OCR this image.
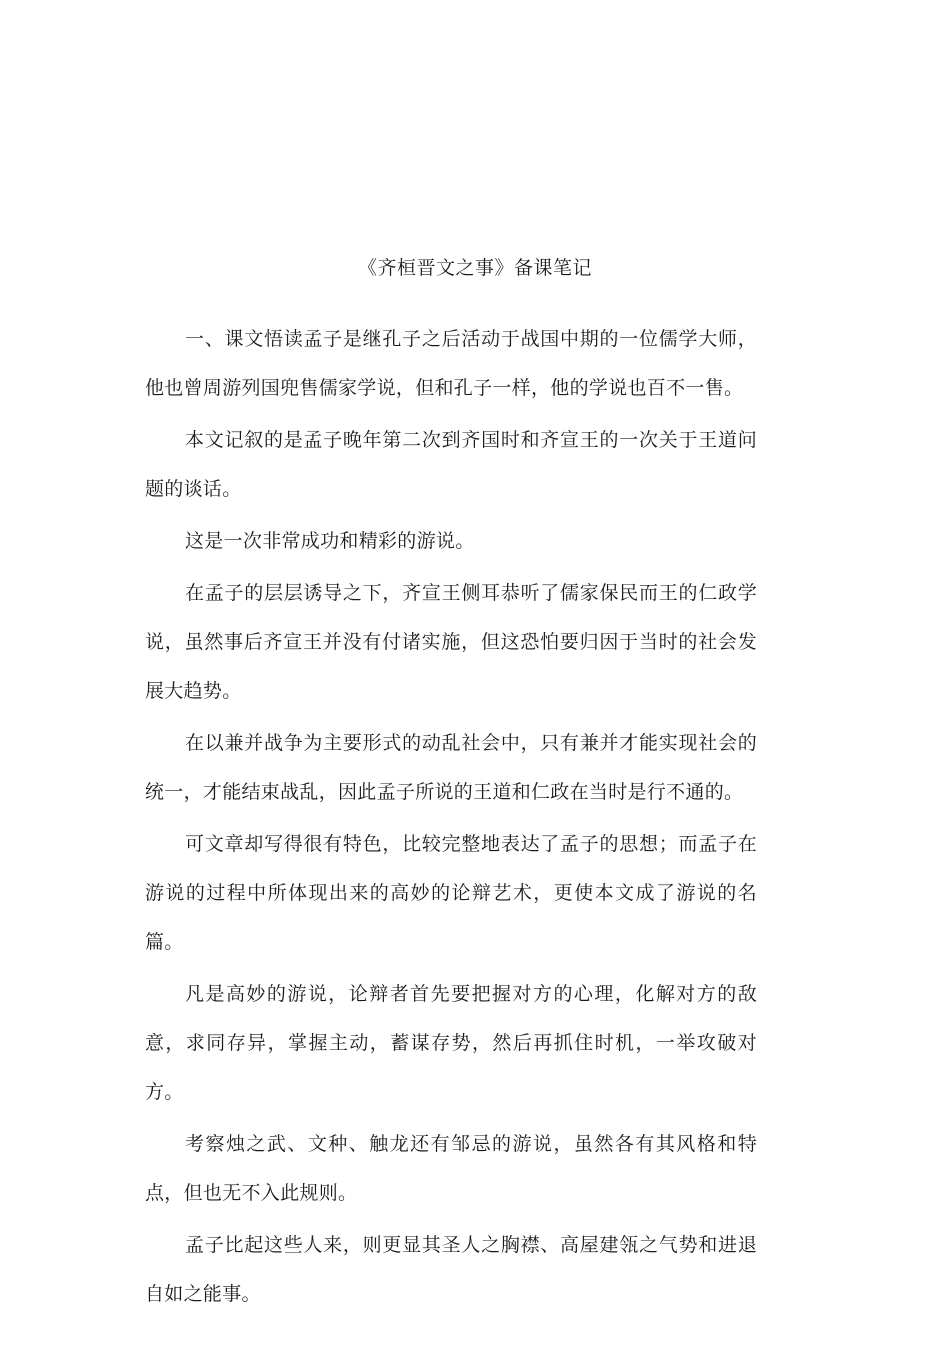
《齐桓晋文之事》备课笔记

一、课文悟读孟子是继孔子之后活动于战国中期的一位儒学大师，他也曾周游列国兜售儒家学说，但和孔子一样，他的学说也百不一售。

本文记叙的是孟子晚年第二次到齐国时和齐宣王的一次关于王道问题的谈话。

这是一次非常成功和精彩的游说。

在孟子的层层诱导之下，齐宣王侧耳恭听了儒家保民而王的仁政学说，虽然事后齐宣王并没有付诸实施，但这恐怕要归因于当时的社会发展大趋势。

在以兼并战争为主要形式的动乱社会中，只有兼并才能实现社会的统一，才能结束战乱，因此孟子所说的王道和仁政在当时是行不通的。

可文章却写得很有特色，比较完整地表达了孟子的思想；而孟子在游说的过程中所体现出来的高妙的论辩艺术，更使本文成了游说的名篇。

凡是高妙的游说，论辩者首先要把握对方的心理，化解对方的敌意，求同存异，掌握主动，蓄谋存势，然后再抓住时机，一举攻破对方。

考察烛之武、文种、触龙还有邹忌的游说，虽然各有其风格和特点，但也无不入此规则。

孟子比起这些人来，则更显其圣人之胸襟、高屋建瓴之气势和进退自如之能事。
